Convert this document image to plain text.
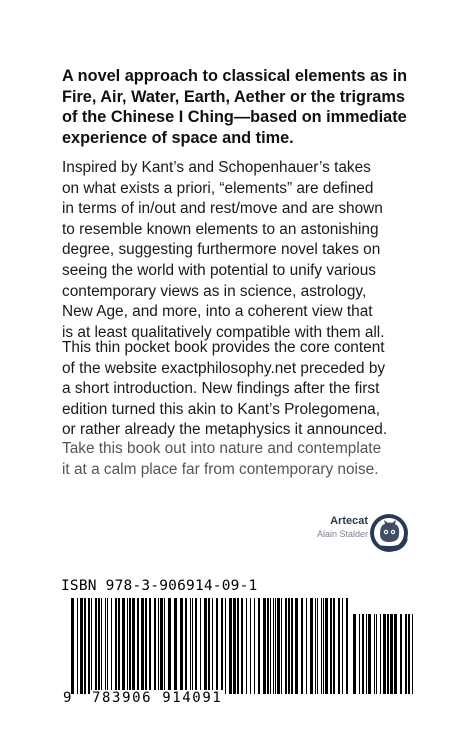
A novel approach to classical elements as in
Fire, Air, Water, Earth, Aether or the trigrams
of the Chinese I Ching—based on immediate
experience of space and time.
Inspired by Kant’s and Schopenhauer’s takes
on what exists a priori, “elements” are defined
in terms of in/out and rest/move and are shown
to resemble known elements to an astonishing
degree, suggesting furthermore novel takes on
seeing the world with potential to unify various
contemporary views as in science, astrology,
New Age, and more, into a coherent view that
is at least qualitatively compatible with them all.
This thin pocket book provides the core content
of the website exactphilosophy.net preceded by
a short introduction. New findings after the first
edition turned this akin to Kant’s Prolegomena,
or rather already the metaphysics it announced.
Take this book out into nature and contemplate
it at a calm place far from contemporary noise.
Artecat
Alain Stalder
ISBN 978-3-906914-09-1
9 783906 914091
